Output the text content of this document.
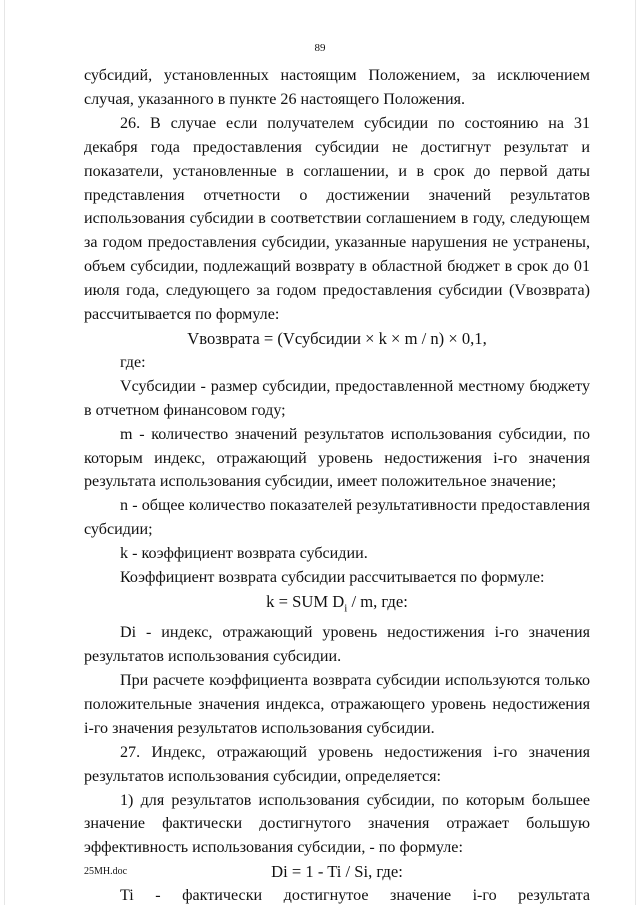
89

субсидий, установленных настоящим Положением, за исключением случая, указанного в пункте 26 настоящего Положения.

26. В случае если получателем субсидии по состоянию на 31 декабря года предоставления субсидии не достигнут результат и показатели, установленные в соглашении, и в срок до первой даты представления отчетности о достижении значений результатов использования субсидии в соответствии соглашением в году, следующем за годом предоставления субсидии, указанные нарушения не устранены, объем субсидии, подлежащий возврату в областной бюджет в срок до 01 июля года, следующего за годом предоставления субсидии (Vвозврата) рассчитывается по формуле:

Vвозврата = (Vсубсидии × k × m / n) × 0,1,

где:

Vсубсидии - размер субсидии, предоставленной местному бюджету в отчетном финансовом году;

m - количество значений результатов использования субсидии, по которым индекс, отражающий уровень недостижения i-го значения результата использования субсидии, имеет положительное значение;

n - общее количество показателей результативности предоставления субсидии;

k - коэффициент возврата субсидии.

Коэффициент возврата субсидии рассчитывается по формуле:

k = SUM $D_i$ / m, где:

Di - индекс, отражающий уровень недостижения i-го значения результатов использования субсидии.

При расчете коэффициента возврата субсидии используются только положительные значения индекса, отражающего уровень недостижения i-го значения результатов использования субсидии.

27. Индекс, отражающий уровень недостижения i-го значения результатов использования субсидии, определяется:

1) для результатов использования субсидии, по которым большее значение фактически достигнутого значения отражает большую эффективность использования субсидии, - по формуле:

Di = 1 - Ti / Si, где:

Ti - фактически достигнутое значение i-го результата

25МН.doc
